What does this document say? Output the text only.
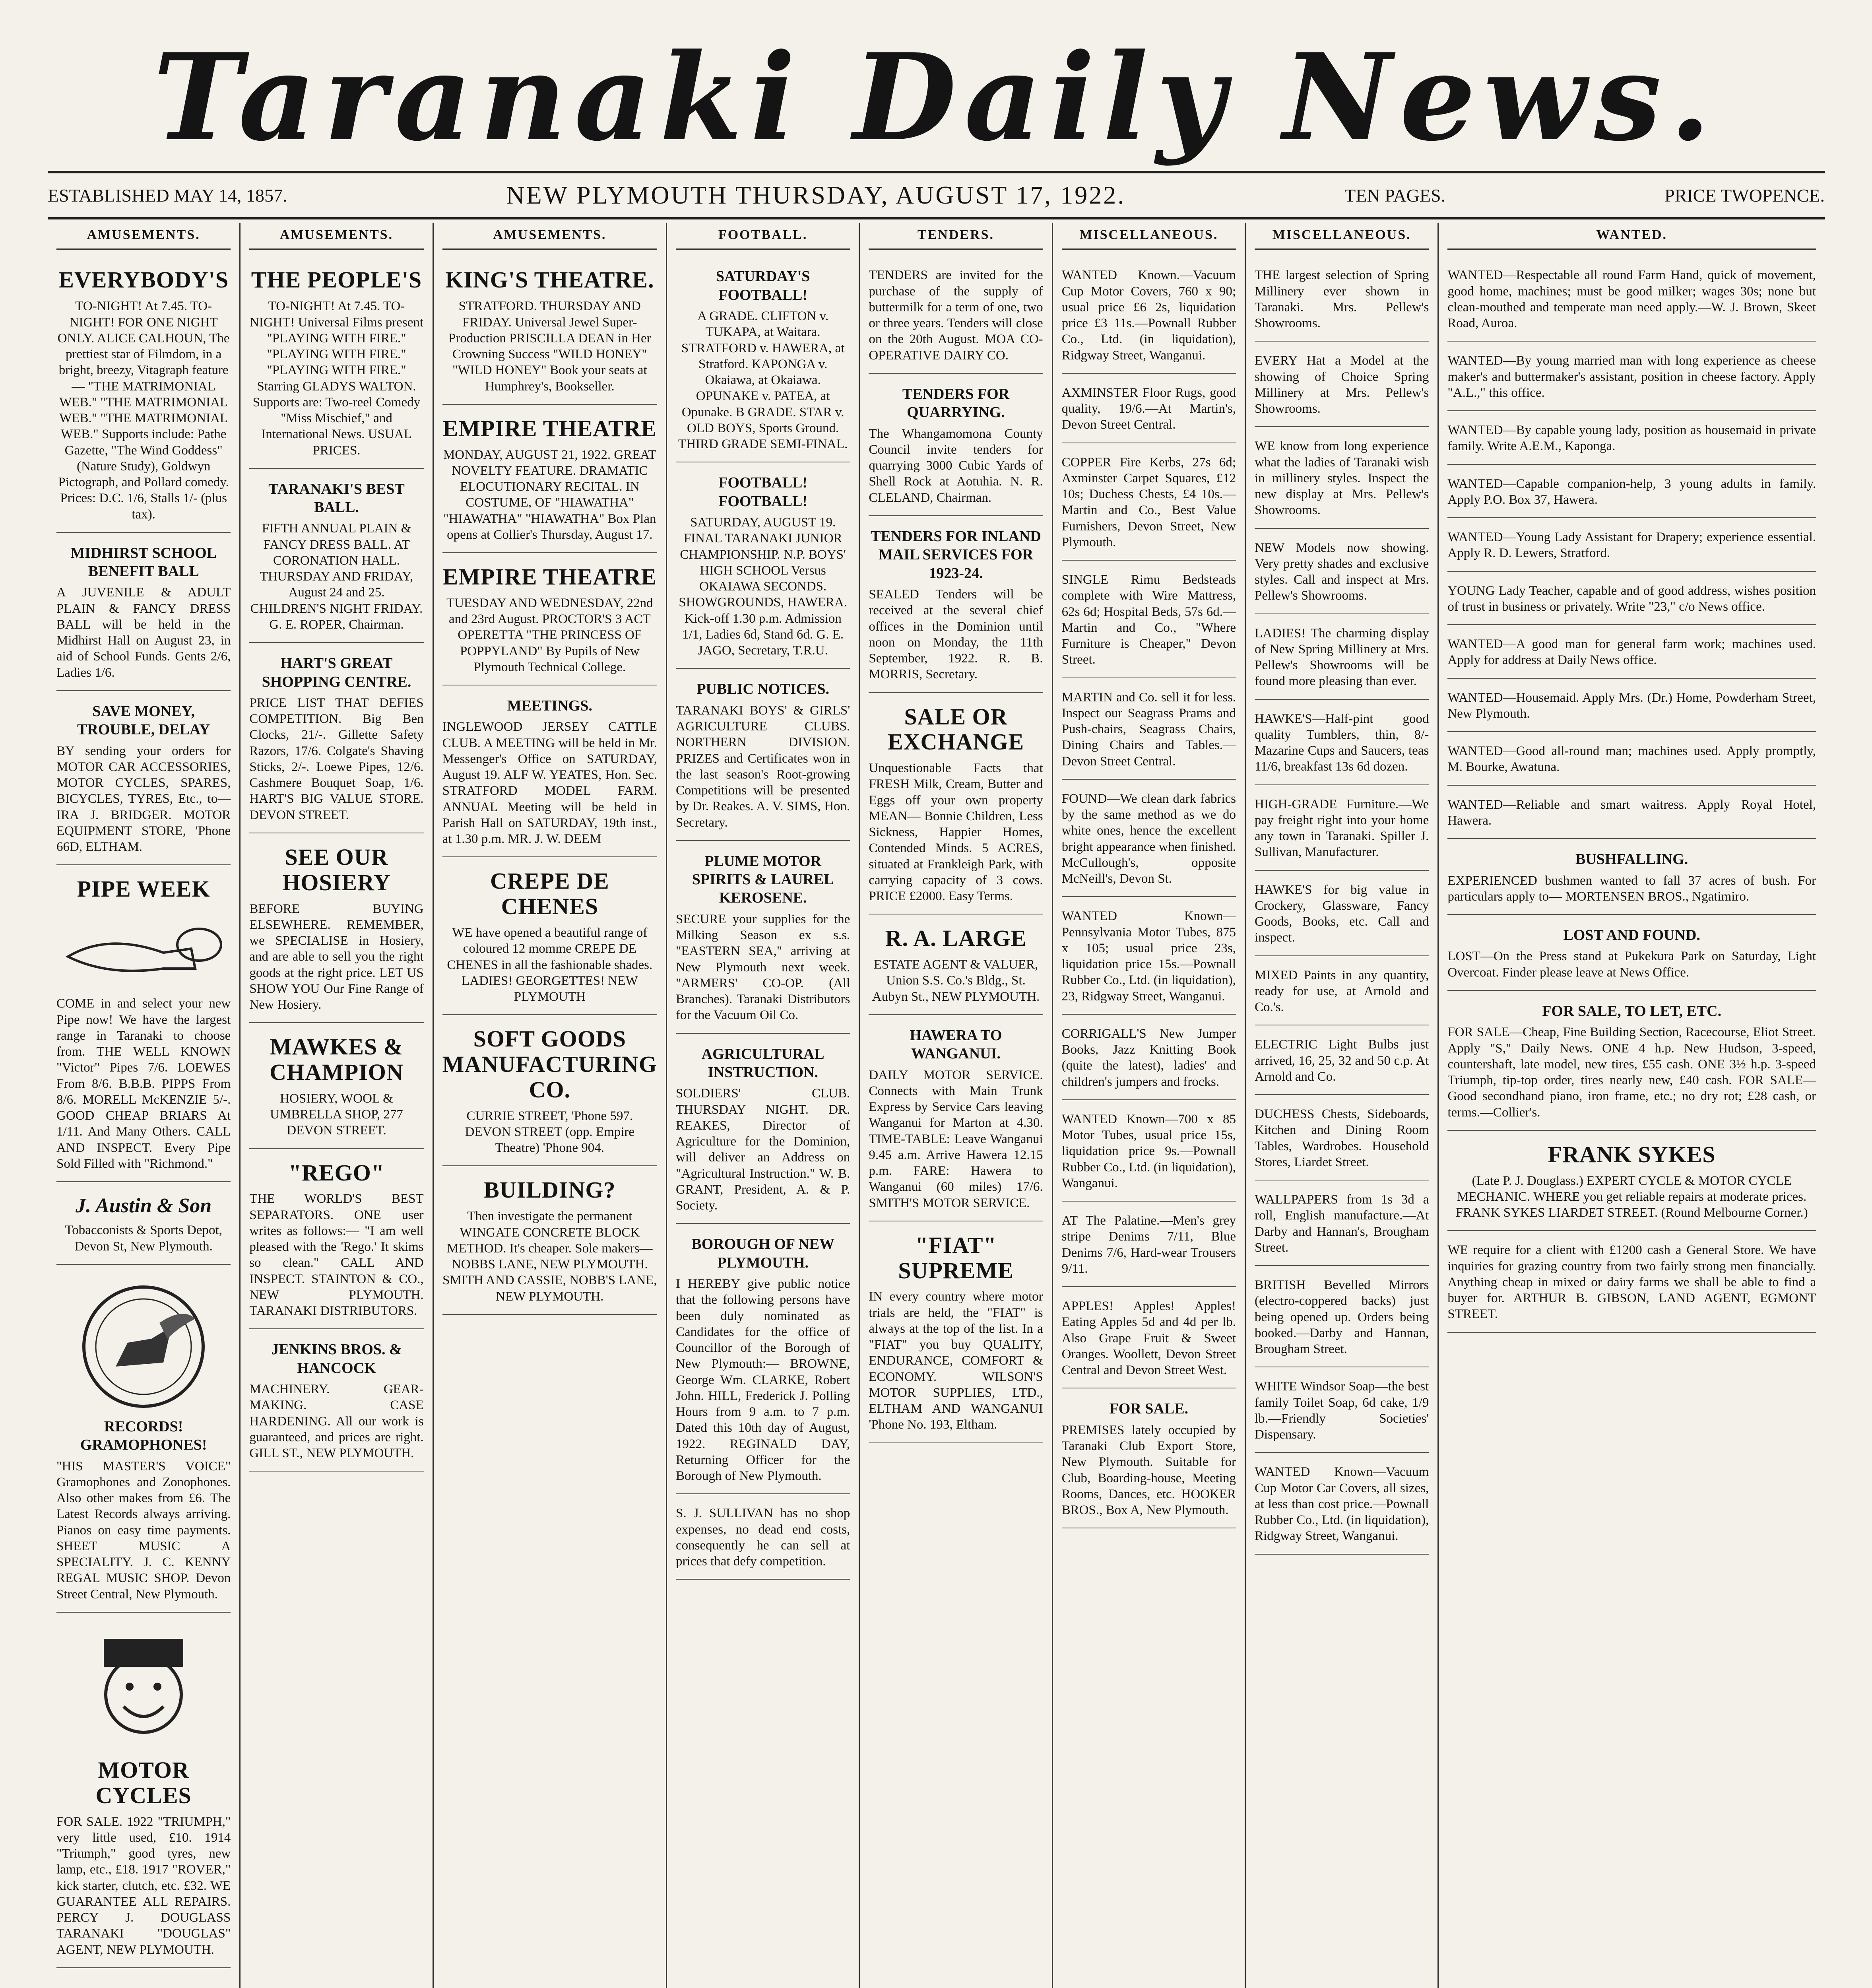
Taranaki Daily News.
ESTABLISHED MAY 14, 1857.	NEW PLYMOUTH THURSDAY, AUGUST 17, 1922.	TEN PAGES.	PRICE TWOPENCE.
AMUSEMENTS.
EVERYBODY'S
TO-NIGHT! At 7.45. TO-NIGHT! FOR ONE NIGHT ONLY. ALICE CALHOUN, The prettiest star of Filmdom, in a bright, breezy, Vitagraph feature— "THE MATRIMONIAL WEB." "THE MATRIMONIAL WEB." "THE MATRIMONIAL WEB." Supports include: Pathe Gazette, "The Wind Goddess" (Nature Study), Goldwyn Pictograph, and Pollard comedy. Prices: D.C. 1/6, Stalls 1/- (plus tax).
MIDHIRST SCHOOL BENEFIT BALL
A JUVENILE & ADULT PLAIN & FANCY DRESS BALL will be held in the Midhirst Hall on August 23, in aid of School Funds. Gents 2/6, Ladies 1/6.
SAVE MONEY, TROUBLE, DELAY
BY sending your orders for MOTOR CAR ACCESSORIES, MOTOR CYCLES, SPARES, BICYCLES, TYRES, Etc., to— IRA J. BRIDGER. MOTOR EQUIPMENT STORE, 'Phone 66D, ELTHAM.
PIPE WEEK
COME in and select your new Pipe now! We have the largest range in Taranaki to choose from. THE WELL KNOWN "Victor" Pipes 7/6. LOEWES From 8/6. B.B.B. PIPPS From 8/6. MORELL McKENZIE 5/-. GOOD CHEAP BRIARS At 1/11. And Many Others. CALL AND INSPECT. Every Pipe Sold Filled with "Richmond."
J. Austin & Son
Tobacconists & Sports Depot, Devon St, New Plymouth.
RECORDS! GRAMOPHONES!
"HIS MASTER'S VOICE" Gramophones and Zonophones. Also other makes from £6. The Latest Records always arriving. Pianos on easy time payments. SHEET MUSIC A SPECIALITY. J. C. KENNY REGAL MUSIC SHOP. Devon Street Central, New Plymouth.
MOTOR CYCLES
FOR SALE. 1922 "TRIUMPH," very little used, £10. 1914 "Triumph," good tyres, new lamp, etc., £18. 1917 "ROVER," kick starter, clutch, etc. £32. WE GUARANTEE ALL REPAIRS. PERCY J. DOUGLASS TARANAKI "DOUGLAS" AGENT, NEW PLYMOUTH.
AMUSEMENTS.
THE PEOPLE'S
TO-NIGHT! At 7.45. TO-NIGHT! Universal Films present "PLAYING WITH FIRE." "PLAYING WITH FIRE." "PLAYING WITH FIRE." Starring GLADYS WALTON. Supports are: Two-reel Comedy "Miss Mischief," and International News. USUAL PRICES.
TARANAKI'S BEST BALL.
FIFTH ANNUAL PLAIN & FANCY DRESS BALL. AT CORONATION HALL. THURSDAY AND FRIDAY, August 24 and 25. CHILDREN'S NIGHT FRIDAY. G. E. ROPER, Chairman.
HART'S GREAT SHOPPING CENTRE.
PRICE LIST THAT DEFIES COMPETITION. Big Ben Clocks, 21/-. Gillette Safety Razors, 17/6. Colgate's Shaving Sticks, 2/-. Loewe Pipes, 12/6. Cashmere Bouquet Soap, 1/6. HART'S BIG VALUE STORE. DEVON STREET.
SEE OUR HOSIERY
BEFORE BUYING ELSEWHERE. REMEMBER, we SPECIALISE in Hosiery, and are able to sell you the right goods at the right price. LET US SHOW YOU Our Fine Range of New Hosiery.
MAWKES & CHAMPION
HOSIERY, WOOL & UMBRELLA SHOP, 277 DEVON STREET.
"REGO"
THE WORLD'S BEST SEPARATORS. ONE user writes as follows:— "I am well pleased with the 'Rego.' It skims so clean." CALL AND INSPECT. STAINTON & CO., NEW PLYMOUTH. TARANAKI DISTRIBUTORS.
JENKINS BROS. & HANCOCK
MACHINERY. GEAR-MAKING. CASE HARDENING. All our work is guaranteed, and prices are right. GILL ST., NEW PLYMOUTH.
AMUSEMENTS.
KING'S THEATRE.
STRATFORD. THURSDAY AND FRIDAY. Universal Jewel Super-Production PRISCILLA DEAN in Her Crowning Success "WILD HONEY" "WILD HONEY" Book your seats at Humphrey's, Bookseller.
EMPIRE THEATRE
MONDAY, AUGUST 21, 1922. GREAT NOVELTY FEATURE. DRAMATIC ELOCUTIONARY RECITAL. IN COSTUME, OF "HIAWATHA" "HIAWATHA" "HIAWATHA" Box Plan opens at Collier's Thursday, August 17.
EMPIRE THEATRE
TUESDAY AND WEDNESDAY, 22nd and 23rd August. PROCTOR'S 3 ACT OPERETTA "THE PRINCESS OF POPPYLAND" By Pupils of New Plymouth Technical College.
MEETINGS.
INGLEWOOD JERSEY CATTLE CLUB. A MEETING will be held in Mr. Messenger's Office on SATURDAY, August 19. ALF W. YEATES, Hon. Sec. STRATFORD MODEL FARM. ANNUAL Meeting will be held in Parish Hall on SATURDAY, 19th inst., at 1.30 p.m. MR. J. W. DEEM
CREPE DE CHENES
WE have opened a beautiful range of coloured 12 momme CREPE DE CHENES in all the fashionable shades. LADIES! GEORGETTES! NEW PLYMOUTH
SOFT GOODS MANUFACTURING CO.
CURRIE STREET, 'Phone 597. DEVON STREET (opp. Empire Theatre) 'Phone 904.
BUILDING?
Then investigate the permanent WINGATE CONCRETE BLOCK METHOD. It's cheaper. Sole makers— NOBBS LANE, NEW PLYMOUTH. SMITH AND CASSIE, NOBB'S LANE, NEW PLYMOUTH.
FOOTBALL.
SATURDAY'S FOOTBALL!
A GRADE. CLIFTON v. TUKAPA, at Waitara. STRATFORD v. HAWERA, at Stratford. KAPONGA v. Okaiawa, at Okaiawa. OPUNAKE v. PATEA, at Opunake. B GRADE. STAR v. OLD BOYS, Sports Ground. THIRD GRADE SEMI-FINAL.
FOOTBALL! FOOTBALL!
SATURDAY, AUGUST 19. FINAL TARANAKI JUNIOR CHAMPIONSHIP. N.P. BOYS' HIGH SCHOOL Versus OKAIAWA SECONDS. SHOWGROUNDS, HAWERA. Kick-off 1.30 p.m. Admission 1/1, Ladies 6d, Stand 6d. G. E. JAGO, Secretary, T.R.U.
PUBLIC NOTICES.
TARANAKI BOYS' & GIRLS' AGRICULTURE CLUBS. NORTHERN DIVISION. PRIZES and Certificates won in the last season's Root-growing Competitions will be presented by Dr. Reakes. A. V. SIMS, Hon. Secretary.
PLUME MOTOR SPIRITS & LAUREL KEROSENE.
SECURE your supplies for the Milking Season ex s.s. "EASTERN SEA," arriving at New Plymouth next week. "ARMERS' CO-OP. (All Branches). Taranaki Distributors for the Vacuum Oil Co.
AGRICULTURAL INSTRUCTION.
SOLDIERS' CLUB. THURSDAY NIGHT. DR. REAKES, Director of Agriculture for the Dominion, will deliver an Address on "Agricultural Instruction." W. B. GRANT, President, A. & P. Society.
BOROUGH OF NEW PLYMOUTH.
I HEREBY give public notice that the following persons have been duly nominated as Candidates for the office of Councillor of the Borough of New Plymouth:— BROWNE, George Wm. CLARKE, Robert John. HILL, Frederick J. Polling Hours from 9 a.m. to 7 p.m. Dated this 10th day of August, 1922. REGINALD DAY, Returning Officer for the Borough of New Plymouth.
S. J. SULLIVAN has no shop expenses, no dead end costs, consequently he can sell at prices that defy competition.
TENDERS.
TENDERS are invited for the purchase of the supply of buttermilk for a term of one, two or three years. Tenders will close on the 20th August. MOA CO-OPERATIVE DAIRY CO.
TENDERS FOR QUARRYING.
The Whangamomona County Council invite tenders for quarrying 3000 Cubic Yards of Shell Rock at Aotuhia. N. R. CLELAND, Chairman.
TENDERS FOR INLAND MAIL SERVICES FOR 1923-24.
SEALED Tenders will be received at the several chief offices in the Dominion until noon on Monday, the 11th September, 1922. R. B. MORRIS, Secretary.
SALE OR EXCHANGE
Unquestionable Facts that FRESH Milk, Cream, Butter and Eggs off your own property MEAN— Bonnie Children, Less Sickness, Happier Homes, Contended Minds. 5 ACRES, situated at Frankleigh Park, with carrying capacity of 3 cows. PRICE £2000. Easy Terms.
R. A. LARGE
ESTATE AGENT & VALUER, Union S.S. Co.'s Bldg., St. Aubyn St., NEW PLYMOUTH.
HAWERA TO WANGANUI.
DAILY MOTOR SERVICE. Connects with Main Trunk Express by Service Cars leaving Wanganui for Marton at 4.30. TIME-TABLE: Leave Wanganui 9.45 a.m. Arrive Hawera 12.15 p.m. FARE: Hawera to Wanganui (60 miles) 17/6. SMITH'S MOTOR SERVICE.
"FIAT" SUPREME
IN every country where motor trials are held, the "FIAT" is always at the top of the list. In a "FIAT" you buy QUALITY, ENDURANCE, COMFORT & ECONOMY. WILSON'S MOTOR SUPPLIES, LTD., ELTHAM AND WANGANUI 'Phone No. 193, Eltham.
MISCELLANEOUS.
WANTED Known.—Vacuum Cup Motor Covers, 760 x 90; usual price £6 2s, liquidation price £3 11s.—Pownall Rubber Co., Ltd. (in liquidation), Ridgway Street, Wanganui.
AXMINSTER Floor Rugs, good quality, 19/6.—At Martin's, Devon Street Central.
COPPER Fire Kerbs, 27s 6d; Axminster Carpet Squares, £12 10s; Duchess Chests, £4 10s.—Martin and Co., Best Value Furnishers, Devon Street, New Plymouth.
SINGLE Rimu Bedsteads complete with Wire Mattress, 62s 6d; Hospital Beds, 57s 6d.—Martin and Co., "Where Furniture is Cheaper," Devon Street.
MARTIN and Co. sell it for less. Inspect our Seagrass Prams and Push-chairs, Seagrass Chairs, Dining Chairs and Tables.—Devon Street Central.
FOUND—We clean dark fabrics by the same method as we do white ones, hence the excellent bright appearance when finished. McCullough's, opposite McNeill's, Devon St.
WANTED Known—Pennsylvania Motor Tubes, 875 x 105; usual price 23s, liquidation price 15s.—Pownall Rubber Co., Ltd. (in liquidation), 23, Ridgway Street, Wanganui.
CORRIGALL'S New Jumper Books, Jazz Knitting Book (quite the latest), ladies' and children's jumpers and frocks.
WANTED Known—700 x 85 Motor Tubes, usual price 15s, liquidation price 9s.—Pownall Rubber Co., Ltd. (in liquidation), Wanganui.
AT The Palatine.—Men's grey stripe Denims 7/11, Blue Denims 7/6, Hard-wear Trousers 9/11.
APPLES! Apples! Apples! Eating Apples 5d and 4d per lb. Also Grape Fruit & Sweet Oranges. Woollett, Devon Street Central and Devon Street West.
FOR SALE.
PREMISES lately occupied by Taranaki Club Export Store, New Plymouth. Suitable for Club, Boarding-house, Meeting Rooms, Dances, etc. HOOKER BROS., Box A, New Plymouth.
MISCELLANEOUS.
THE largest selection of Spring Millinery ever shown in Taranaki. Mrs. Pellew's Showrooms.
EVERY Hat a Model at the showing of Choice Spring Millinery at Mrs. Pellew's Showrooms.
WE know from long experience what the ladies of Taranaki wish in millinery styles. Inspect the new display at Mrs. Pellew's Showrooms.
NEW Models now showing. Very pretty shades and exclusive styles. Call and inspect at Mrs. Pellew's Showrooms.
LADIES! The charming display of New Spring Millinery at Mrs. Pellew's Showrooms will be found more pleasing than ever.
HAWKE'S—Half-pint good quality Tumblers, thin, 8/- Mazarine Cups and Saucers, teas 11/6, breakfast 13s 6d dozen.
HIGH-GRADE Furniture.—We pay freight right into your home any town in Taranaki. Spiller J. Sullivan, Manufacturer.
HAWKE'S for big value in Crockery, Glassware, Fancy Goods, Books, etc. Call and inspect.
MIXED Paints in any quantity, ready for use, at Arnold and Co.'s.
ELECTRIC Light Bulbs just arrived, 16, 25, 32 and 50 c.p. At Arnold and Co.
DUCHESS Chests, Sideboards, Kitchen and Dining Room Tables, Wardrobes. Household Stores, Liardet Street.
WALLPAPERS from 1s 3d a roll, English manufacture.—At Darby and Hannan's, Brougham Street.
BRITISH Bevelled Mirrors (electro-coppered backs) just being opened up. Orders being booked.—Darby and Hannan, Brougham Street.
WHITE Windsor Soap—the best family Toilet Soap, 6d cake, 1/9 lb.—Friendly Societies' Dispensary.
WANTED Known—Vacuum Cup Motor Car Covers, all sizes, at less than cost price.—Pownall Rubber Co., Ltd. (in liquidation), Ridgway Street, Wanganui.
WANTED.
WANTED—Respectable all round Farm Hand, quick of movement, good home, machines; must be good milker; wages 30s; none but clean-mouthed and temperate man need apply.—W. J. Brown, Skeet Road, Auroa.
WANTED—By young married man with long experience as cheese maker's and buttermaker's assistant, position in cheese factory. Apply "A.L.," this office.
WANTED—By capable young lady, position as housemaid in private family. Write A.E.M., Kaponga.
WANTED—Capable companion-help, 3 young adults in family. Apply P.O. Box 37, Hawera.
WANTED—Young Lady Assistant for Drapery; experience essential. Apply R. D. Lewers, Stratford.
YOUNG Lady Teacher, capable and of good address, wishes position of trust in business or privately. Write "23," c/o News office.
WANTED—A good man for general farm work; machines used. Apply for address at Daily News office.
WANTED—Housemaid. Apply Mrs. (Dr.) Home, Powderham Street, New Plymouth.
WANTED—Good all-round man; machines used. Apply promptly, M. Bourke, Awatuna.
WANTED—Reliable and smart waitress. Apply Royal Hotel, Hawera.
BUSHFALLING.
EXPERIENCED bushmen wanted to fall 37 acres of bush. For particulars apply to— MORTENSEN BROS., Ngatimiro.
LOST AND FOUND.
LOST—On the Press stand at Pukekura Park on Saturday, Light Overcoat. Finder please leave at News Office.
FOR SALE, TO LET, ETC.
FOR SALE—Cheap, Fine Building Section, Racecourse, Eliot Street. Apply "S," Daily News. ONE 4 h.p. New Hudson, 3-speed, countershaft, late model, new tires, £55 cash. ONE 3½ h.p. 3-speed Triumph, tip-top order, tires nearly new, £40 cash. FOR SALE—Good secondhand piano, iron frame, etc.; no dry rot; £28 cash, or terms.—Collier's.
FRANK SYKES
(Late P. J. Douglass.) EXPERT CYCLE & MOTOR CYCLE MECHANIC. WHERE you get reliable repairs at moderate prices. FRANK SYKES LIARDET STREET. (Round Melbourne Corner.)
WE require for a client with £1200 cash a General Store. We have inquiries for grazing country from two fairly strong men financially. Anything cheap in mixed or dairy farms we shall be able to find a buyer for. ARTHUR B. GIBSON, LAND AGENT, EGMONT STREET.
